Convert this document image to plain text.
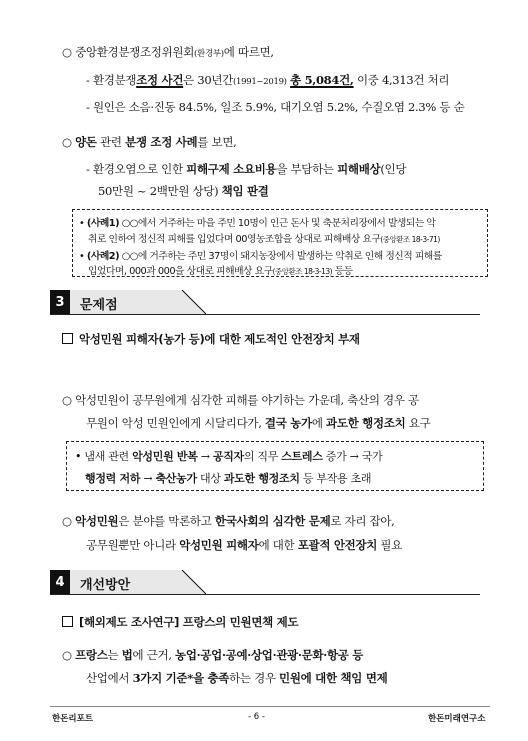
○ 중앙환경분쟁조정위원회(환경부)에 따르면,
- 환경분쟁조정 사건은 30년간(1991~2019) 총 5,084건, 이중 4,313건 처리
- 원인은 소음·진동 84.5%, 일조 5.9%, 대기오염 5.2%, 수질오염 2.3% 등 순
○ 양돈 관련 분쟁 조정 사례를 보면,
- 환경오염으로 인한 피해구제 소요비용을 부담하는 피해배상(인당
50만원 ~ 2백만원 상당) 책임 판결
• (사례1) ○○에서 거주하는 마을 주민 10명이 인근 돈사 및 축분처리장에서 발생되는 악
취로 인하여 정신적 피해를 입었다며 00영농조합을 상대로 피해배상 요구(중앙환조 18-3-71)
• (사례2) ○○에 거주하는 주민 37명이 돼지농장에서 발생하는 악취로 인해 정신적 피해를
입었다며, 000과 000을 상대로 피해배상 요구(중앙환조 18-3-13) 등등
3	문제점
악성민원 피해자(농가 등)에 대한 제도적인 안전장치 부재
○ 악성민원이 공무원에게 심각한 피해를 야기하는 가운데, 축산의 경우 공
무원이 악성 민원인에게 시달리다가, 결국 농가에 과도한 행정조치 요구
• 냄새 관련 악성민원 반복 → 공직자의 직무 스트레스 증가 → 국가
행정력 저하 → 축산농가 대상 과도한 행정조치 등 부작용 초래
○ 악성민원은 분야를 막론하고 한국사회의 심각한 문제로 자리 잡아,
공무원뿐만 아니라 악성민원 피해자에 대한 포괄적 안전장치 필요
4	개선방안
[해외제도 조사연구] 프랑스의 민원면책 제도
○ 프랑스는 법에 근거, 농업·공업·공예·상업·관광·문화·항공 등
산업에서 3가지 기준*을 충족하는 경우 민원에 대한 책임 면제
한돈리포트	- 6 -	한돈미래연구소
